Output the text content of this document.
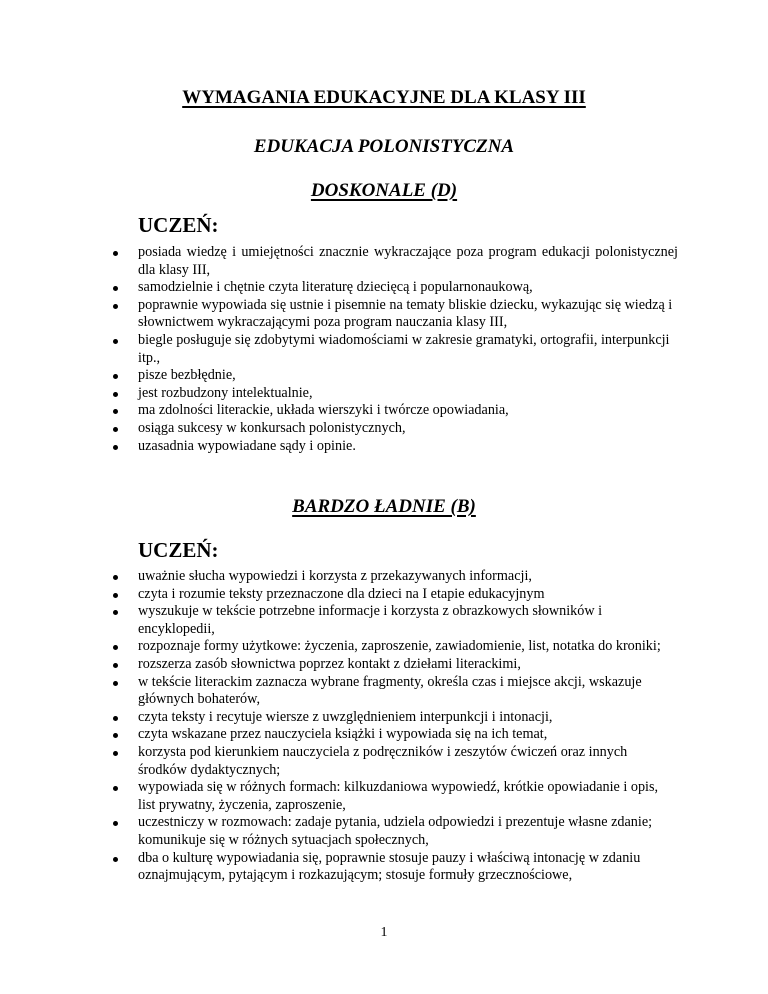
WYMAGANIA EDUKACYJNE DLA KLASY III
EDUKACJA POLONISTYCZNA
DOSKONALE (D)

UCZEŃ:

posiada wiedzę i umiejętności znacznie wykraczające poza program edukacji polonistycznej dla klasy III,
samodzielnie i chętnie czyta literaturę dziecięcą i popularnonaukową,
poprawnie wypowiada się ustnie i pisemnie na tematy bliskie dziecku, wykazując się wiedzą i słownictwem wykraczającymi poza program nauczania klasy III,
biegle posługuje się zdobytymi wiadomościami w zakresie gramatyki, ortografii, interpunkcji itp.,
pisze bezbłędnie,
jest rozbudzony intelektualnie,
ma zdolności literackie, układa wierszyki i twórcze opowiadania,
osiąga sukcesy w konkursach polonistycznych,
uzasadnia wypowiadane sądy i opinie.
BARDZO ŁADNIE (B)

UCZEŃ:

uważnie słucha wypowiedzi i korzysta z przekazywanych informacji,
czyta i rozumie teksty przeznaczone dla dzieci na I etapie edukacyjnym
wyszukuje w tekście potrzebne informacje i korzysta z obrazkowych słowników i encyklopedii,
rozpoznaje formy użytkowe: życzenia, zaproszenie, zawiadomienie, list, notatka do kroniki;
rozszerza zasób słownictwa poprzez kontakt z dziełami literackimi,
w tekście literackim zaznacza wybrane fragmenty, określa czas i miejsce akcji, wskazuje głównych bohaterów,
czyta teksty i recytuje wiersze z uwzględnieniem interpunkcji i intonacji,
czyta wskazane przez nauczyciela książki i wypowiada się na ich temat,
korzysta pod kierunkiem nauczyciela z podręczników i zeszytów ćwiczeń oraz innych środków dydaktycznych;
wypowiada się w różnych formach: kilkuzdaniowa wypowiedź, krótkie opowiadanie i opis, list prywatny, życzenia, zaproszenie,
uczestniczy w rozmowach: zadaje pytania, udziela odpowiedzi i prezentuje własne zdanie; komunikuje się w różnych sytuacjach społecznych,
dba o kulturę wypowiadania się, poprawnie stosuje pauzy i właściwą intonację w zdaniu oznajmującym, pytającym i rozkazującym; stosuje formuły grzecznościowe,

1
